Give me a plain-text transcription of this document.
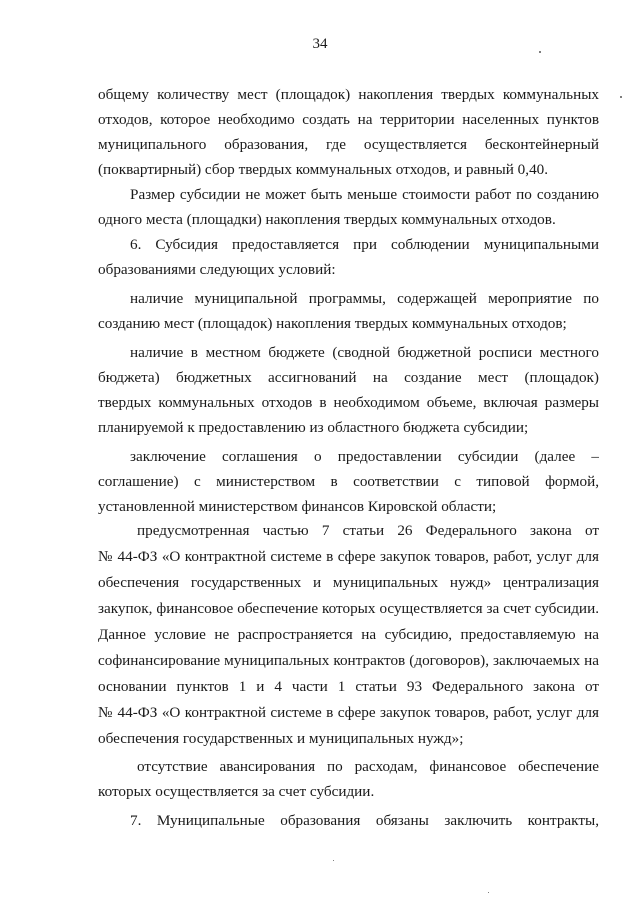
34
общему количеству мест (площадок) накопления твердых коммунальных
отходов, которое необходимо создать на территории населенных пунктов
муниципального образования, где осуществляется бесконтейнерный
(поквартирный) сбор твердых коммунальных отходов, и равный 0,40.
Размер субсидии не может быть меньше стоимости работ по созданию
одного места (площадки) накопления твердых коммунальных отходов.
6. Субсидия предоставляется при соблюдении муниципальными
образованиями следующих условий:
наличие муниципальной программы, содержащей мероприятие по
созданию мест (площадок) накопления твердых коммунальных отходов;
наличие в местном бюджете (сводной бюджетной росписи местного
бюджета) бюджетных ассигнований на создание мест (площадок)
твердых коммунальных отходов в необходимом объеме, включая размеры
планируемой к предоставлению из областного бюджета субсидии;
заключение соглашения о предоставлении субсидии (далее –
соглашение) с министерством в соответствии с типовой формой,
установленной министерством финансов Кировской области;
предусмотренная частью 7 статьи 26 Федерального закона от
№ 44-ФЗ «О контрактной системе в сфере закупок товаров, работ, услуг для
обеспечения государственных и муниципальных нужд» централизация
закупок, финансовое обеспечение которых осуществляется за счет субсидии.
Данное условие не распространяется на субсидию, предоставляемую на
софинансирование муниципальных контрактов (договоров), заключаемых на
основании пунктов 1 и 4 части 1 статьи 93 Федерального закона от
№ 44-ФЗ «О контрактной системе в сфере закупок товаров, работ, услуг для
обеспечения государственных и муниципальных нужд»;
отсутствие авансирования по расходам, финансовое обеспечение
которых осуществляется за счет субсидии.
7. Муниципальные образования обязаны заключить контракты,
